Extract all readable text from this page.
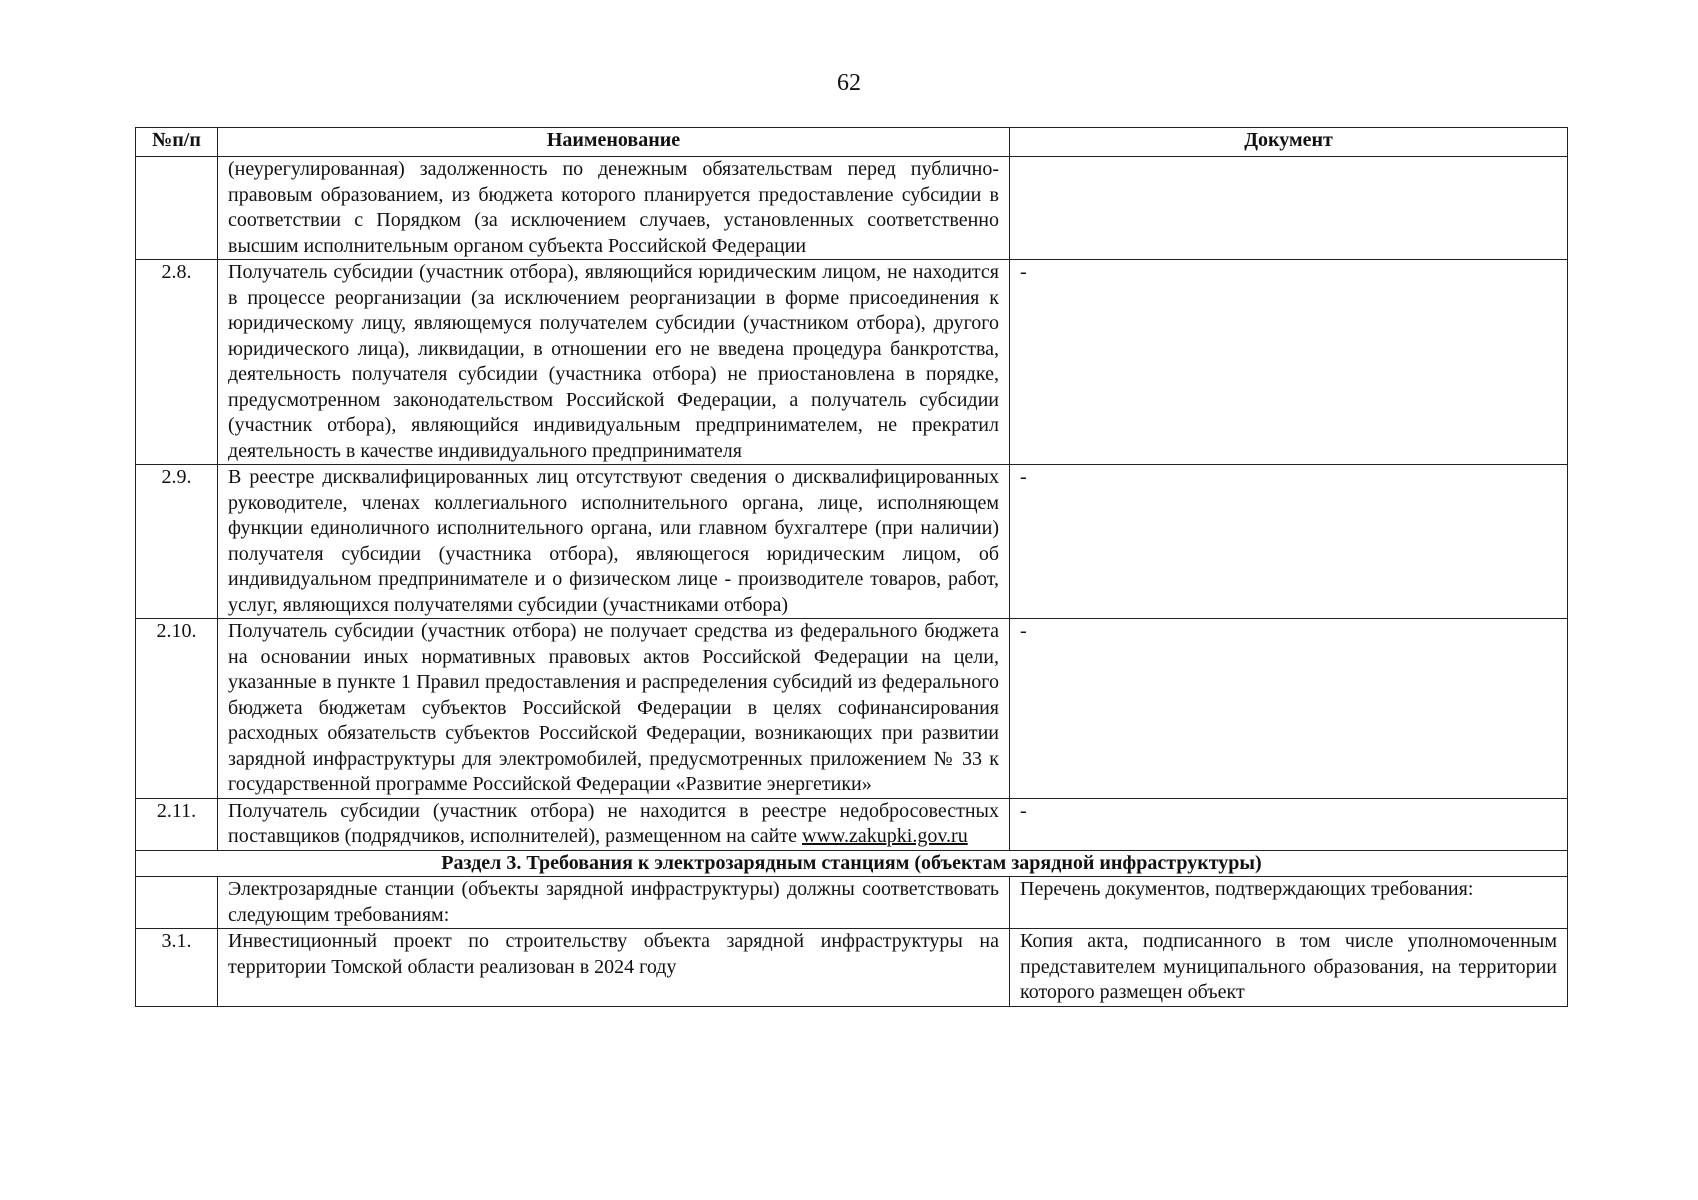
62
№п/п	Наименование	Документ
	(неурегулированная) задолженность по денежным обязательствам перед публично-правовым образованием, из бюджета которого планируется предоставление субсидии в соответствии с Порядком (за исключением случаев, установленных соответственно высшим исполнительным органом субъекта Российской Федерации	
2.8.	Получатель субсидии (участник отбора), являющийся юридическим лицом, не находится в процессе реорганизации (за исключением реорганизации в форме присоединения к юридическому лицу, являющемуся получателем субсидии (участником отбора), другого юридического лица), ликвидации, в отношении его не введена процедура банкротства, деятельность получателя субсидии (участника отбора) не приостановлена в порядке, предусмотренном законодательством Российской Федерации, а получатель субсидии (участник отбора), являющийся индивидуальным предпринимателем, не прекратил деятельность в качестве индивидуального предпринимателя	-
2.9.	В реестре дисквалифицированных лиц отсутствуют сведения о дисквалифицированных руководителе, членах коллегиального исполнительного органа, лице, исполняющем функции единоличного исполнительного органа, или главном бухгалтере (при наличии) получателя субсидии (участника отбора), являющегося юридическим лицом, об индивидуальном предпринимателе и о физическом лице - производителе товаров, работ, услуг, являющихся получателями субсидии (участниками отбора)	-
2.10.	Получатель субсидии (участник отбора) не получает средства из федерального бюджета на основании иных нормативных правовых актов Российской Федерации на цели, указанные в пункте 1 Правил предоставления и распределения субсидий из федерального бюджета бюджетам субъектов Российской Федерации в целях софинансирования расходных обязательств субъектов Российской Федерации, возникающих при развитии зарядной инфраструктуры для электромобилей, предусмотренных приложением № 33 к государственной программе Российской Федерации «Развитие энергетики»	-
2.11.	Получатель субсидии (участник отбора) не находится в реестре недобросовестных поставщиков (подрядчиков, исполнителей), размещенном на сайте www.zakupki.gov.ru	-
Раздел 3. Требования к электрозарядным станциям (объектам зарядной инфраструктуры)		
	Электрозарядные станции (объекты зарядной инфраструктуры) должны соответствовать следующим требованиям:	Перечень документов, подтверждающих требования:
3.1.	Инвестиционный проект по строительству объекта зарядной инфраструктуры на территории Томской области реализован в 2024 году	Копия акта, подписанного в том числе уполномоченным представителем муниципального образования, на территории которого размещен объект
